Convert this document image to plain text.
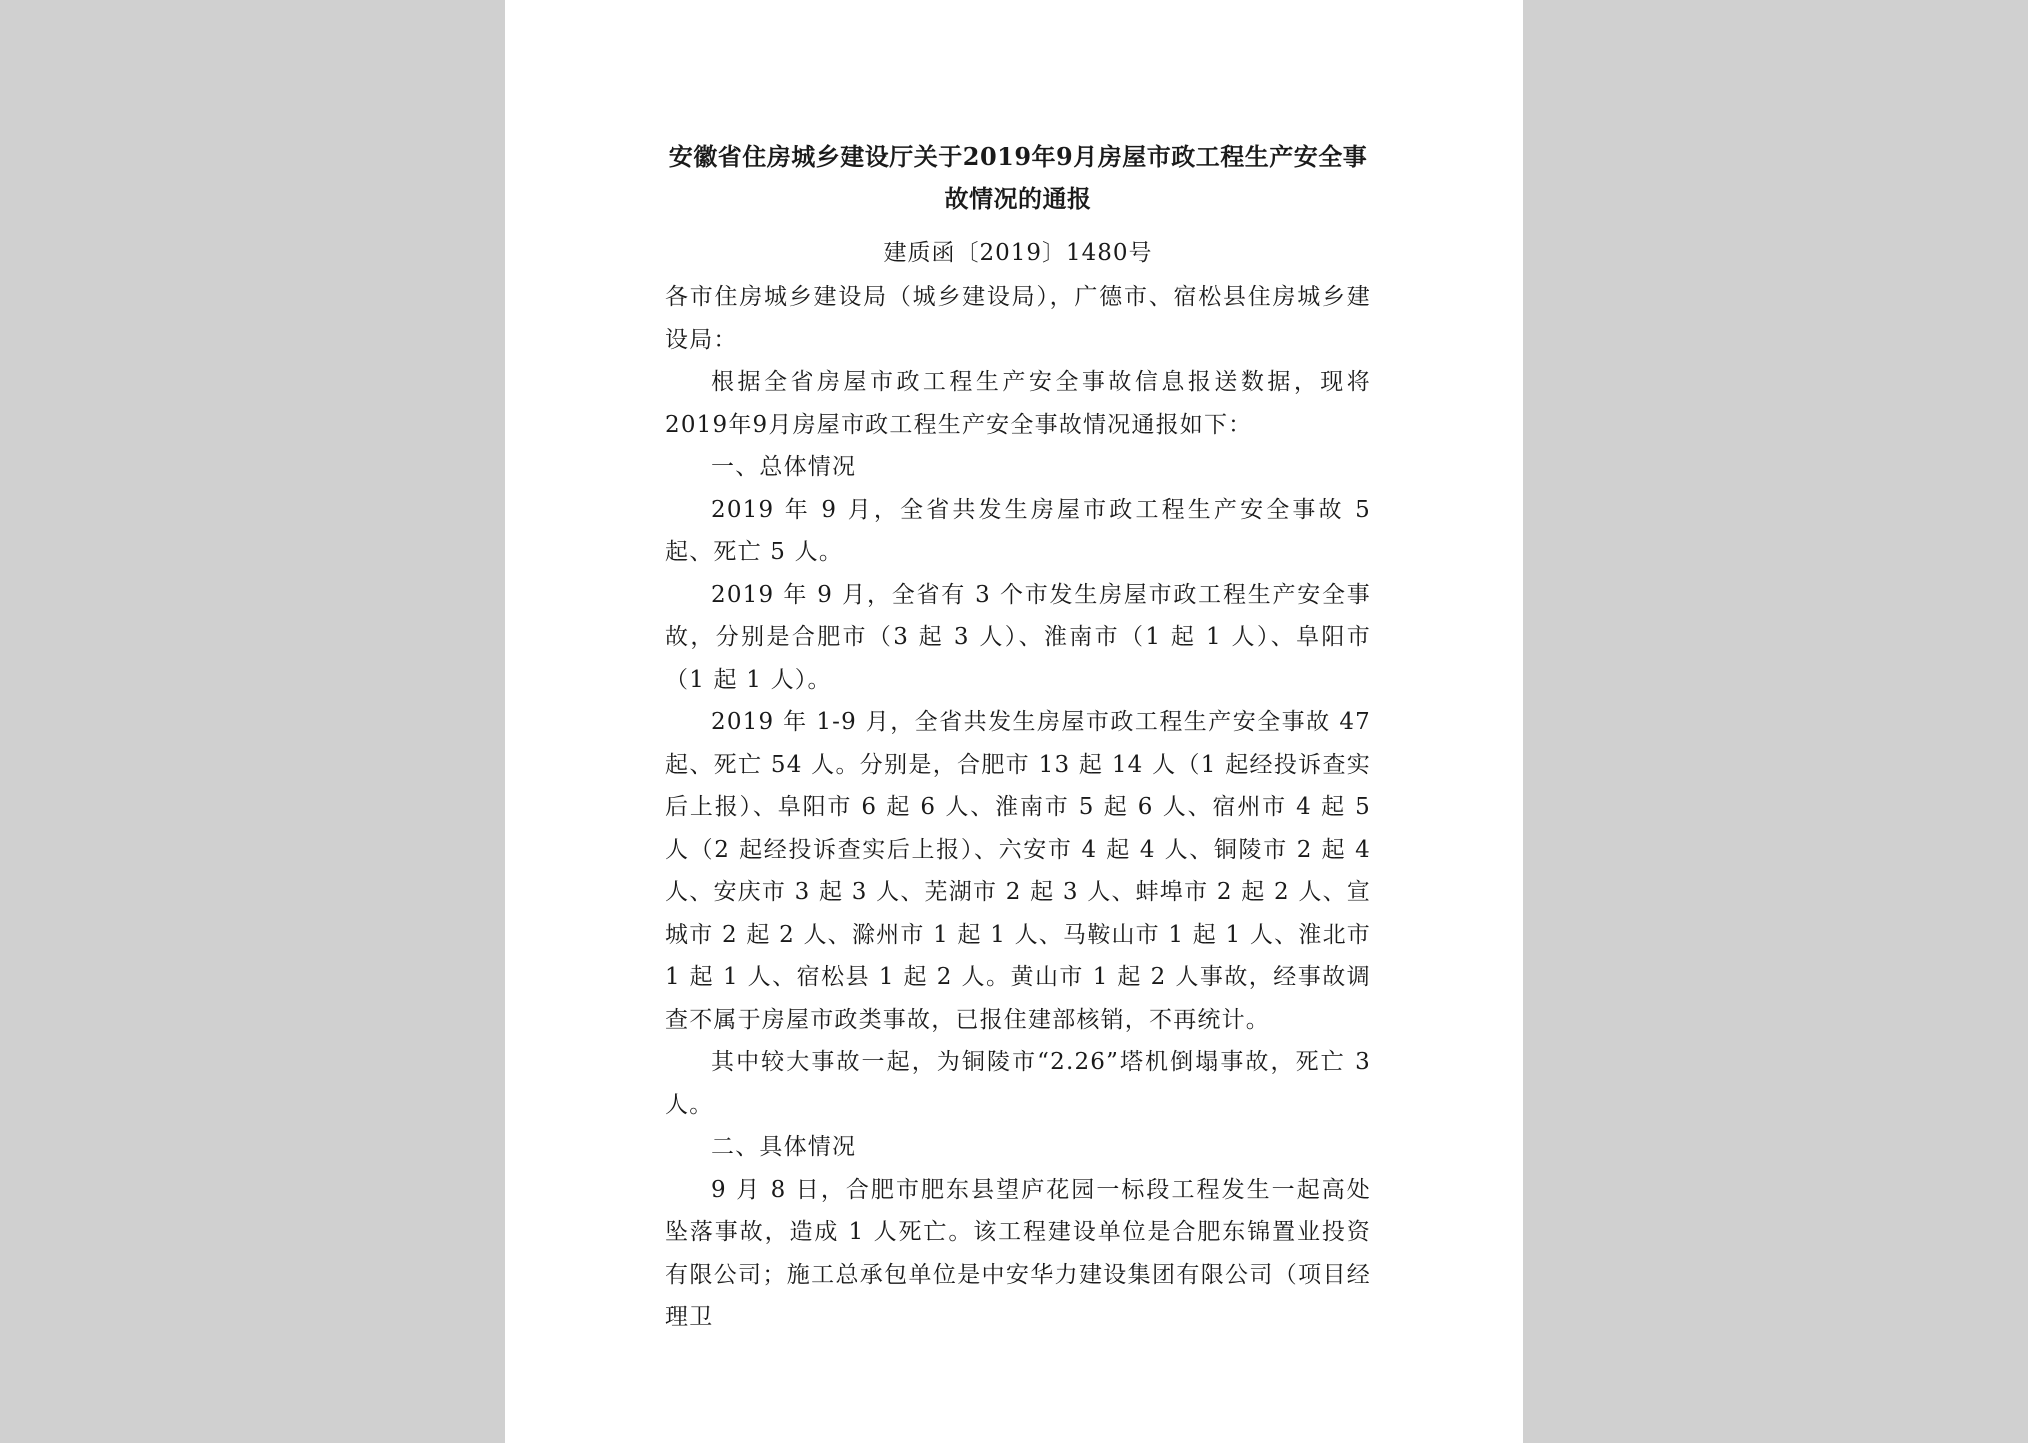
安徽省住房城乡建设厅关于2019年9月房屋市政工程生产安全事

故情况的通报

建质函〔2019〕1480号

各市住房城乡建设局（城乡建设局），广德市、宿松县住房城乡建设局：

根据全省房屋市政工程生产安全事故信息报送数据，现将 2019年9月房屋市政工程生产安全事故情况通报如下：

一、总体情况

2019 年 9 月，全省共发生房屋市政工程生产安全事故 5 起、死亡 5 人。

2019 年 9 月，全省有 3 个市发生房屋市政工程生产安全事故，分别是合肥市（3 起 3 人）、淮南市（1 起 1 人）、阜阳市（1 起 1 人）。

2019 年 1-9 月，全省共发生房屋市政工程生产安全事故 47 起、死亡 54 人。分别是，合肥市 13 起 14 人（1 起经投诉查实后上报）、阜阳市 6 起 6 人、淮南市 5 起 6 人、宿州市 4 起 5 人（2 起经投诉查实后上报）、六安市 4 起 4 人、铜陵市 2 起 4 人、安庆市 3 起 3 人、芜湖市 2 起 3 人、蚌埠市 2 起 2 人、宣城市 2 起 2 人、滁州市 1 起 1 人、马鞍山市 1 起 1 人、淮北市 1 起 1 人、宿松县 1 起 2 人。黄山市 1 起 2 人事故，经事故调查不属于房屋市政类事故，已报住建部核销，不再统计。

其中较大事故一起，为铜陵市“2.26”塔机倒塌事故，死亡 3 人。

二、具体情况

9 月 8 日，合肥市肥东县望庐花园一标段工程发生一起高处坠落事故，造成 1 人死亡。该工程建设单位是合肥东锦置业投资有限公司；施工总承包单位是中安华力建设集团有限公司（项目经理卫
